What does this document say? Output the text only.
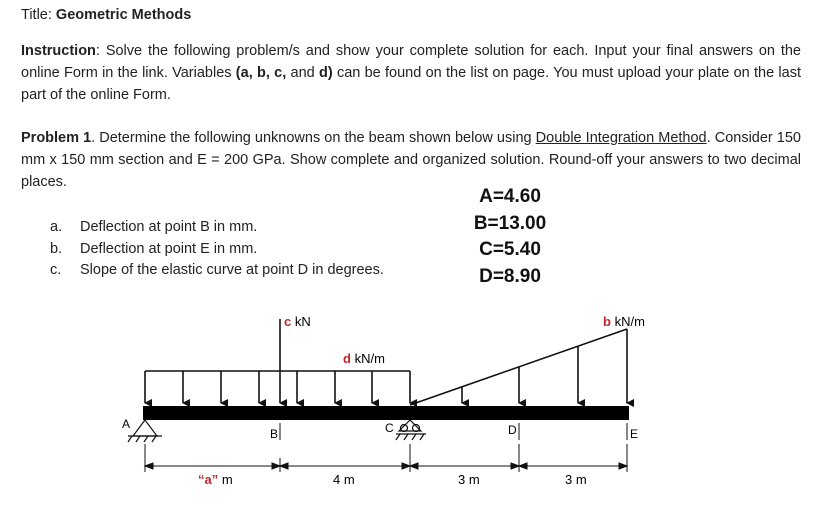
Title: Geometric Methods
Instruction: Solve the following problem/s and show your complete solution for each. Input your final answers on the online Form in the link. Variables (a, b, c, and d) can be found on the list on page. You must upload your plate on the last part of the online Form.
Problem 1. Determine the following unknowns on the beam shown below using Double Integration Method. Consider 150 mm x 150 mm section and E = 200 GPa. Show complete and organized solution. Round-off your answers to two decimal places.
A=4.60
B=13.00
C=5.40
D=8.90
a. Deflection at point B in mm.
b. Deflection at point E in mm.
c. Slope of the elastic curve at point D in degrees.
A
B	C	D	E
c kN
d kN/m
b kN/m
“a” m	4 m	3 m	3 m
